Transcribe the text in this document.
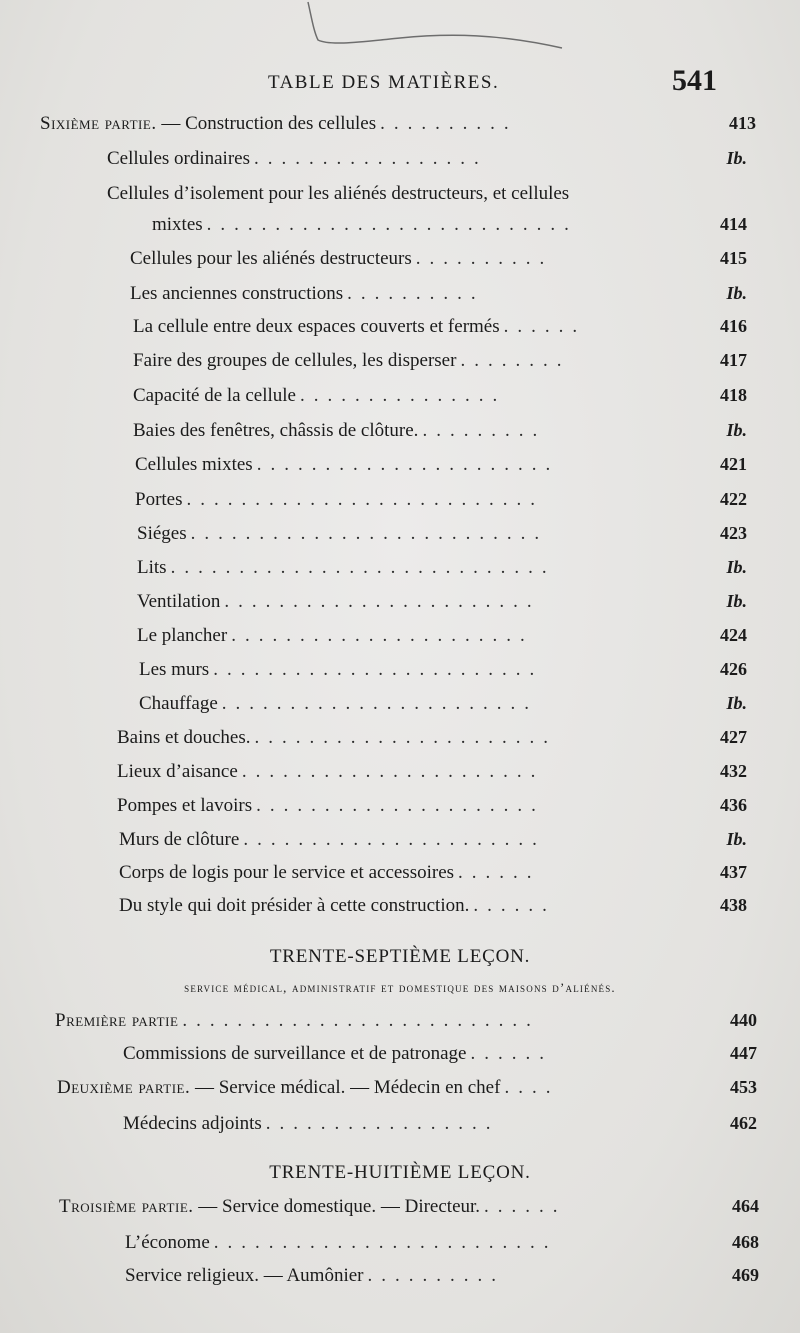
TABLE DES MATIÈRES.	541
Sixième partie. — Construction des cellules ..........	413
Cellules ordinaires .................	Ib.
Cellules d’isolement pour les aliénés destructeurs, et cellules
mixtes ...........................	414
Cellules pour les aliénés destructeurs ..........	415
Les anciennes constructions ..........	Ib.
La cellule entre deux espaces couverts et fermés ......	416
Faire des groupes de cellules, les disperser ........	417
Capacité de la cellule ...............	418
Baies des fenêtres, châssis de clôture. .........	Ib.
Cellules mixtes ......................	421
Portes ..........................	422
Siéges ..........................	423
Lits ............................	Ib.
Ventilation .......................	Ib.
Le plancher ......................	424
Les murs ........................	426
Chauffage .......................	Ib.
Bains et douches. ......................	427
Lieux d’aisance ......................	432
Pompes et lavoirs .....................	436
Murs de clôture ......................	Ib.
Corps de logis pour le service et accessoires ......	437
Du style qui doit présider à cette construction. ......	438
TRENTE-SEPTIÈME LEÇON.
service médical, administratif et domestique des maisons d’aliénés.
Première partie ..........................	440
Commissions de surveillance et de patronage ......	447
Deuxième partie. — Service médical. — Médecin en chef ....	453
Médecins adjoints .................	462
TRENTE-HUITIÈME LEÇON.
Troisième partie. — Service domestique. — Directeur. ......	464
L’économe .........................	468
Service religieux. — Aumônier ..........	469
